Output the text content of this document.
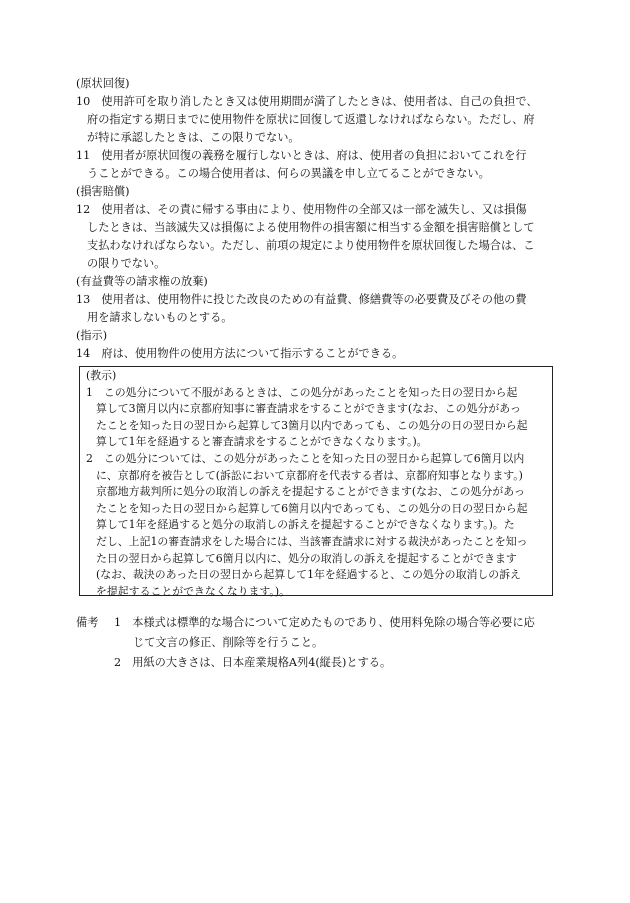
(原状回復)
10　使用許可を取り消したとき又は使用期間が満了したときは、使用者は、自己の負担で、
府の指定する期日までに使用物件を原状に回復して返還しなければならない。ただし、府
が特に承認したときは、この限りでない。
11　使用者が原状回復の義務を履行しないときは、府は、使用者の負担においてこれを行
うことができる。この場合使用者は、何らの異議を申し立てることができない。
(損害賠償)
12　使用者は、その責に帰する事由により、使用物件の全部又は一部を滅失し、又は損傷
したときは、当該滅失又は損傷による使用物件の損害額に相当する金額を損害賠償として
支払わなければならない。ただし、前項の規定により使用物件を原状回復した場合は、こ
の限りでない。
(有益費等の請求権の放棄)
13　使用者は、使用物件に投じた改良のための有益費、修繕費等の必要費及びその他の費
用を請求しないものとする。
(教示)
1　この処分について不服があるときは、この処分があったことを知った日の翌日から起
算して3箇月以内に京都府知事に審査請求をすることができます(なお、この処分があっ
たことを知った日の翌日から起算して3箇月以内であっても、この処分の日の翌日から起
算して1年を経過すると審査請求をすることができなくなります。)。
2　この処分については、この処分があったことを知った日の翌日から起算して6箇月以内
に、京都府を被告として(訴訟において京都府を代表する者は、京都府知事となります。)
京都地方裁判所に処分の取消しの訴えを提起することができます(なお、この処分があっ
たことを知った日の翌日から起算して6箇月以内であっても、この処分の日の翌日から起
算して1年を経過すると処分の取消しの訴えを提起することができなくなります。)。た
だし、上記1の審査請求をした場合には、当該審査請求に対する裁決があったことを知っ
た日の翌日から起算して6箇月以内に、処分の取消しの訴えを提起することができます
(なお、裁決のあった日の翌日から起算して1年を経過すると、この処分の取消しの訴え
を提起することができなくなります。)。
備考 1　本様式は標準的な場合について定めたものであり、使用料免除の場合等必要に応
じて文言の修正、削除等を行うこと。
2　用紙の大きさは、日本産業規格A列4(縦長)とする。
(指示)
14　府は、使用物件の使用方法について指示することができる。
